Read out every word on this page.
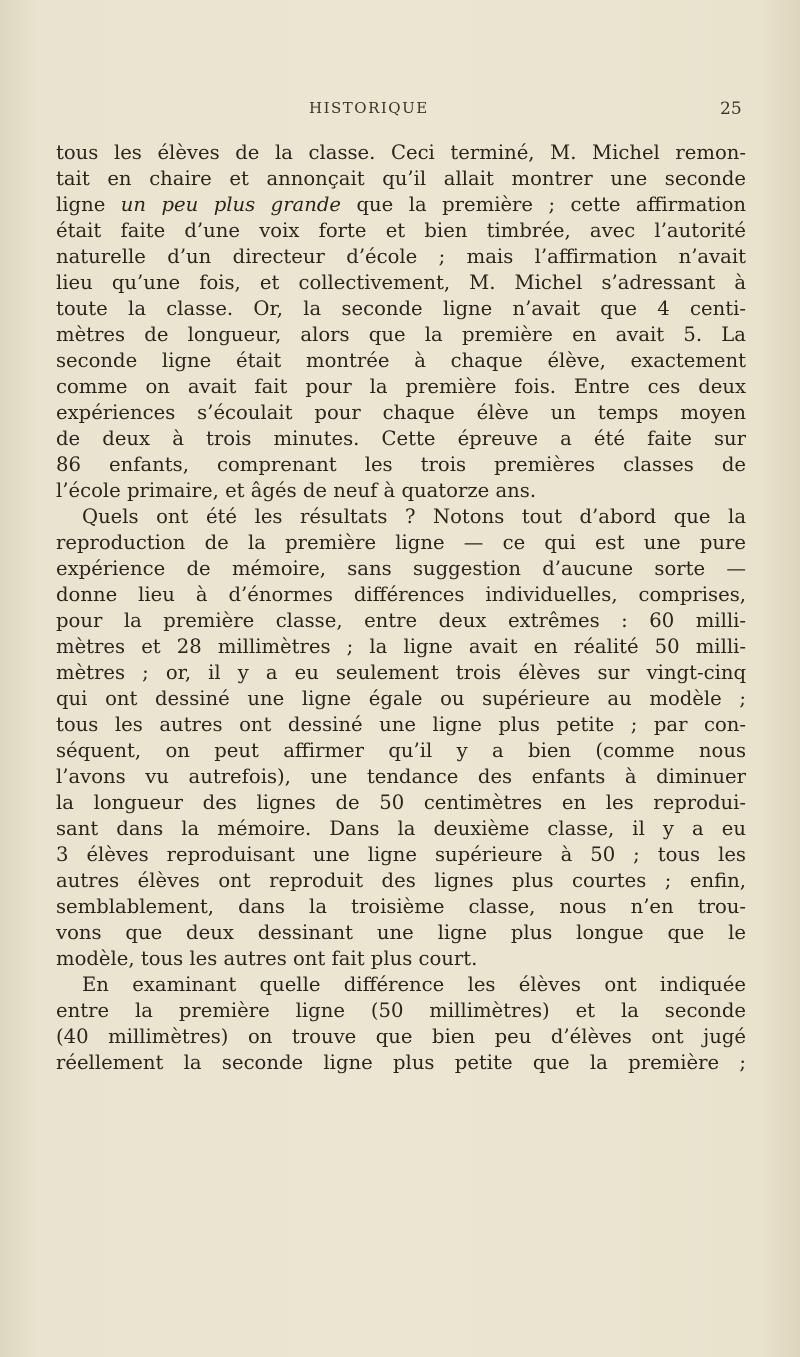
HISTORIQUE	25
tous les élèves de la classe. Ceci terminé, M. Michel remon-
tait en chaire et annonçait qu’il allait montrer une seconde
ligne un peu plus grande que la première ; cette affirmation
était faite d’une voix forte et bien timbrée, avec l’autorité
naturelle d’un directeur d’école ; mais l’affirmation n’avait
lieu qu’une fois, et collectivement, M. Michel s’adressant à
toute la classe. Or, la seconde ligne n’avait que 4 centi-
mètres de longueur, alors que la première en avait 5. La
seconde ligne était montrée à chaque élève, exactement
comme on avait fait pour la première fois. Entre ces deux
expériences s’écoulait pour chaque élève un temps moyen
de deux à trois minutes. Cette épreuve a été faite sur
86 enfants, comprenant les trois premières classes de
l’école primaire, et âgés de neuf à quatorze ans.
Quels ont été les résultats ? Notons tout d’abord que la
reproduction de la première ligne — ce qui est une pure
expérience de mémoire, sans suggestion d’aucune sorte —
donne lieu à d’énormes différences individuelles, comprises,
pour la première classe, entre deux extrêmes : 60 milli-
mètres et 28 millimètres ; la ligne avait en réalité 50 milli-
mètres ; or, il y a eu seulement trois élèves sur vingt-cinq
qui ont dessiné une ligne égale ou supérieure au modèle ;
tous les autres ont dessiné une ligne plus petite ; par con-
séquent, on peut affirmer qu’il y a bien (comme nous
l’avons vu autrefois), une tendance des enfants à diminuer
la longueur des lignes de 50 centimètres en les reprodui-
sant dans la mémoire. Dans la deuxième classe, il y a eu
3 élèves reproduisant une ligne supérieure à 50 ; tous les
autres élèves ont reproduit des lignes plus courtes ; enfin,
semblablement, dans la troisième classe, nous n’en trou-
vons que deux dessinant une ligne plus longue que le
modèle, tous les autres ont fait plus court.
En examinant quelle différence les élèves ont indiquée
entre la première ligne (50 millimètres) et la seconde
(40 millimètres) on trouve que bien peu d’élèves ont jugé
réellement la seconde ligne plus petite que la première ;
